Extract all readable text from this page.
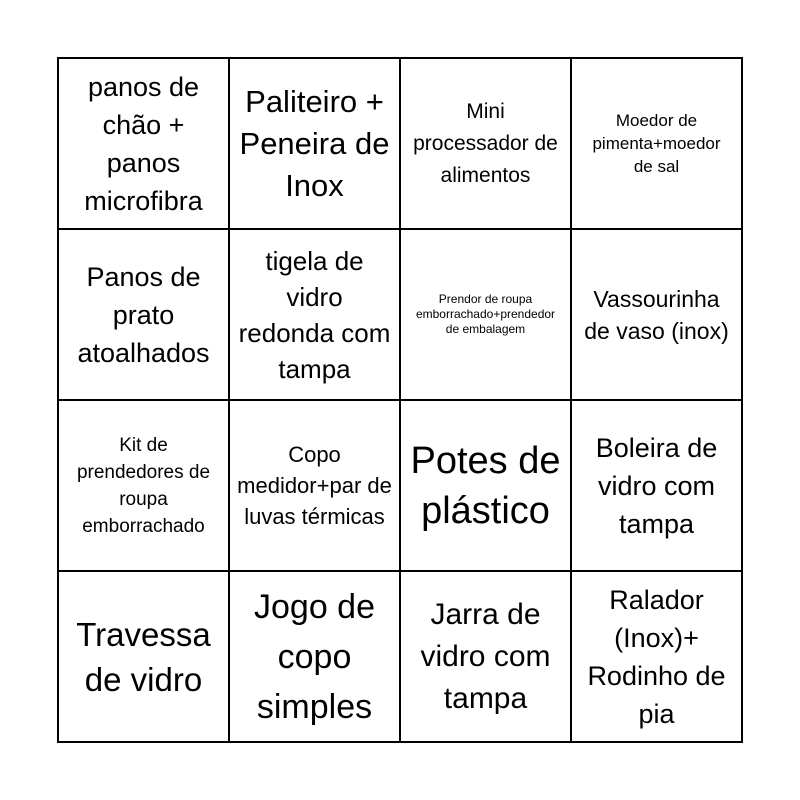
panos de chão + panos microfibra
Paliteiro + Peneira de Inox
Mini processador de alimentos
Moedor de pimenta+moedor de sal
Panos de prato atoalhados
tigela de vidro redonda com tampa
Prendor de roupa emborrachado+prendedor de embalagem
Vassourinha de vaso (inox)
Kit de prendedores de roupa emborrachado
Copo medidor+par de luvas térmicas
Potes de plástico
Boleira de vidro com tampa
Travessa de vidro
Jogo de copo simples
Jarra de vidro com tampa
Ralador (Inox)+ Rodinho de pia
